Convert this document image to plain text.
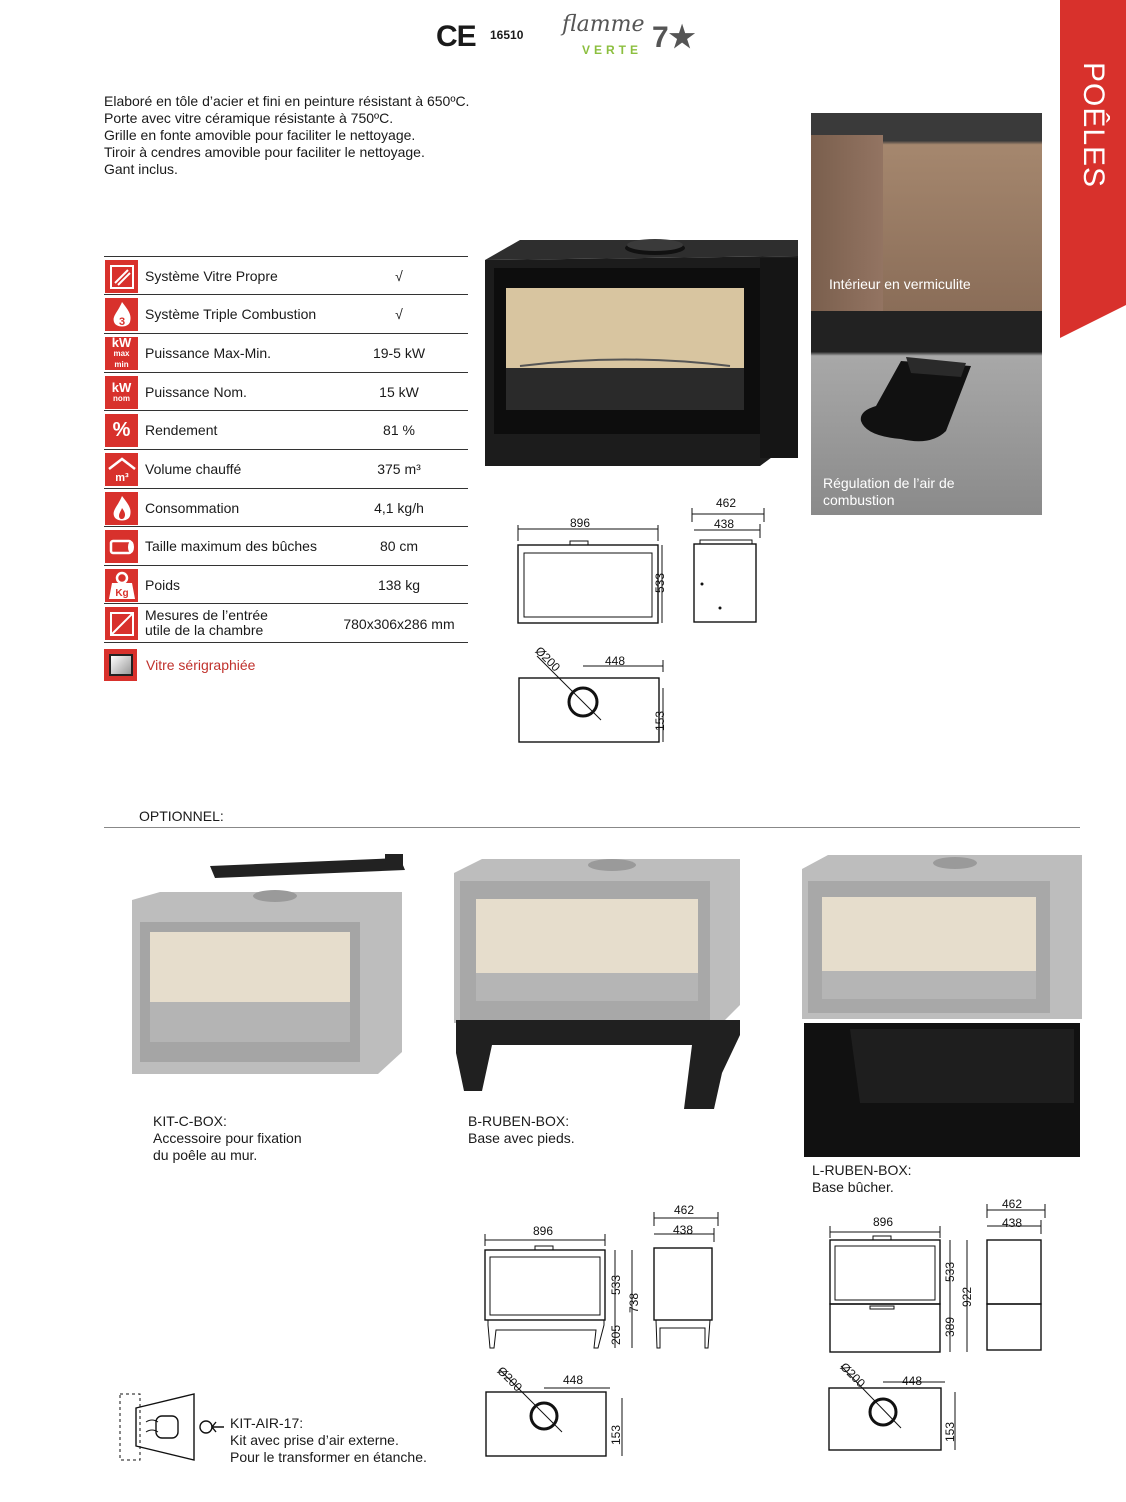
CE 16510 flamme
VERTE 7★
POÊLES
Elaboré en tôle d’acier et fini en peinture résistant à 650ºC.
Porte avec vitre céramique résistante à 750ºC.
Grille en fonte amovible pour faciliter le nettoyage.
Tiroir à cendres amovible pour faciliter le nettoyage.
Gant inclus.
Système Vitre Propre	√
3 Système Triple Combustion	√
kW
max
min
Puissance Max-Min.	19-5 kW
kW
nom Puissance Nom.	15 kW
%	Rendement	81 %
m³
Volume chauffé	375 m³
Consommation	4,1 kg/h
Taille maximum des bûches	80 cm
Kg Poids	138 kg
Mesures de l’entrée utile de la chambre	780x306x286 mm
Vitre sérigraphiée
Intérieur en vermiculite
Régulation de l’air de combustion
896
533
462
438
Ø200	448
153
OPTIONNEL:
KIT-C-BOX:
Accessoire pour fixation
du poêle au mur.
B-RUBEN-BOX:
Base avec pieds.
L-RUBEN-BOX:
Base bûcher.
896
533
205
738
462
438
Ø200	448
153
896
533
389
922
462
438
Ø200	448
153
KIT-AIR-17:
Kit avec prise d’air externe.
Pour le transformer en étanche.
